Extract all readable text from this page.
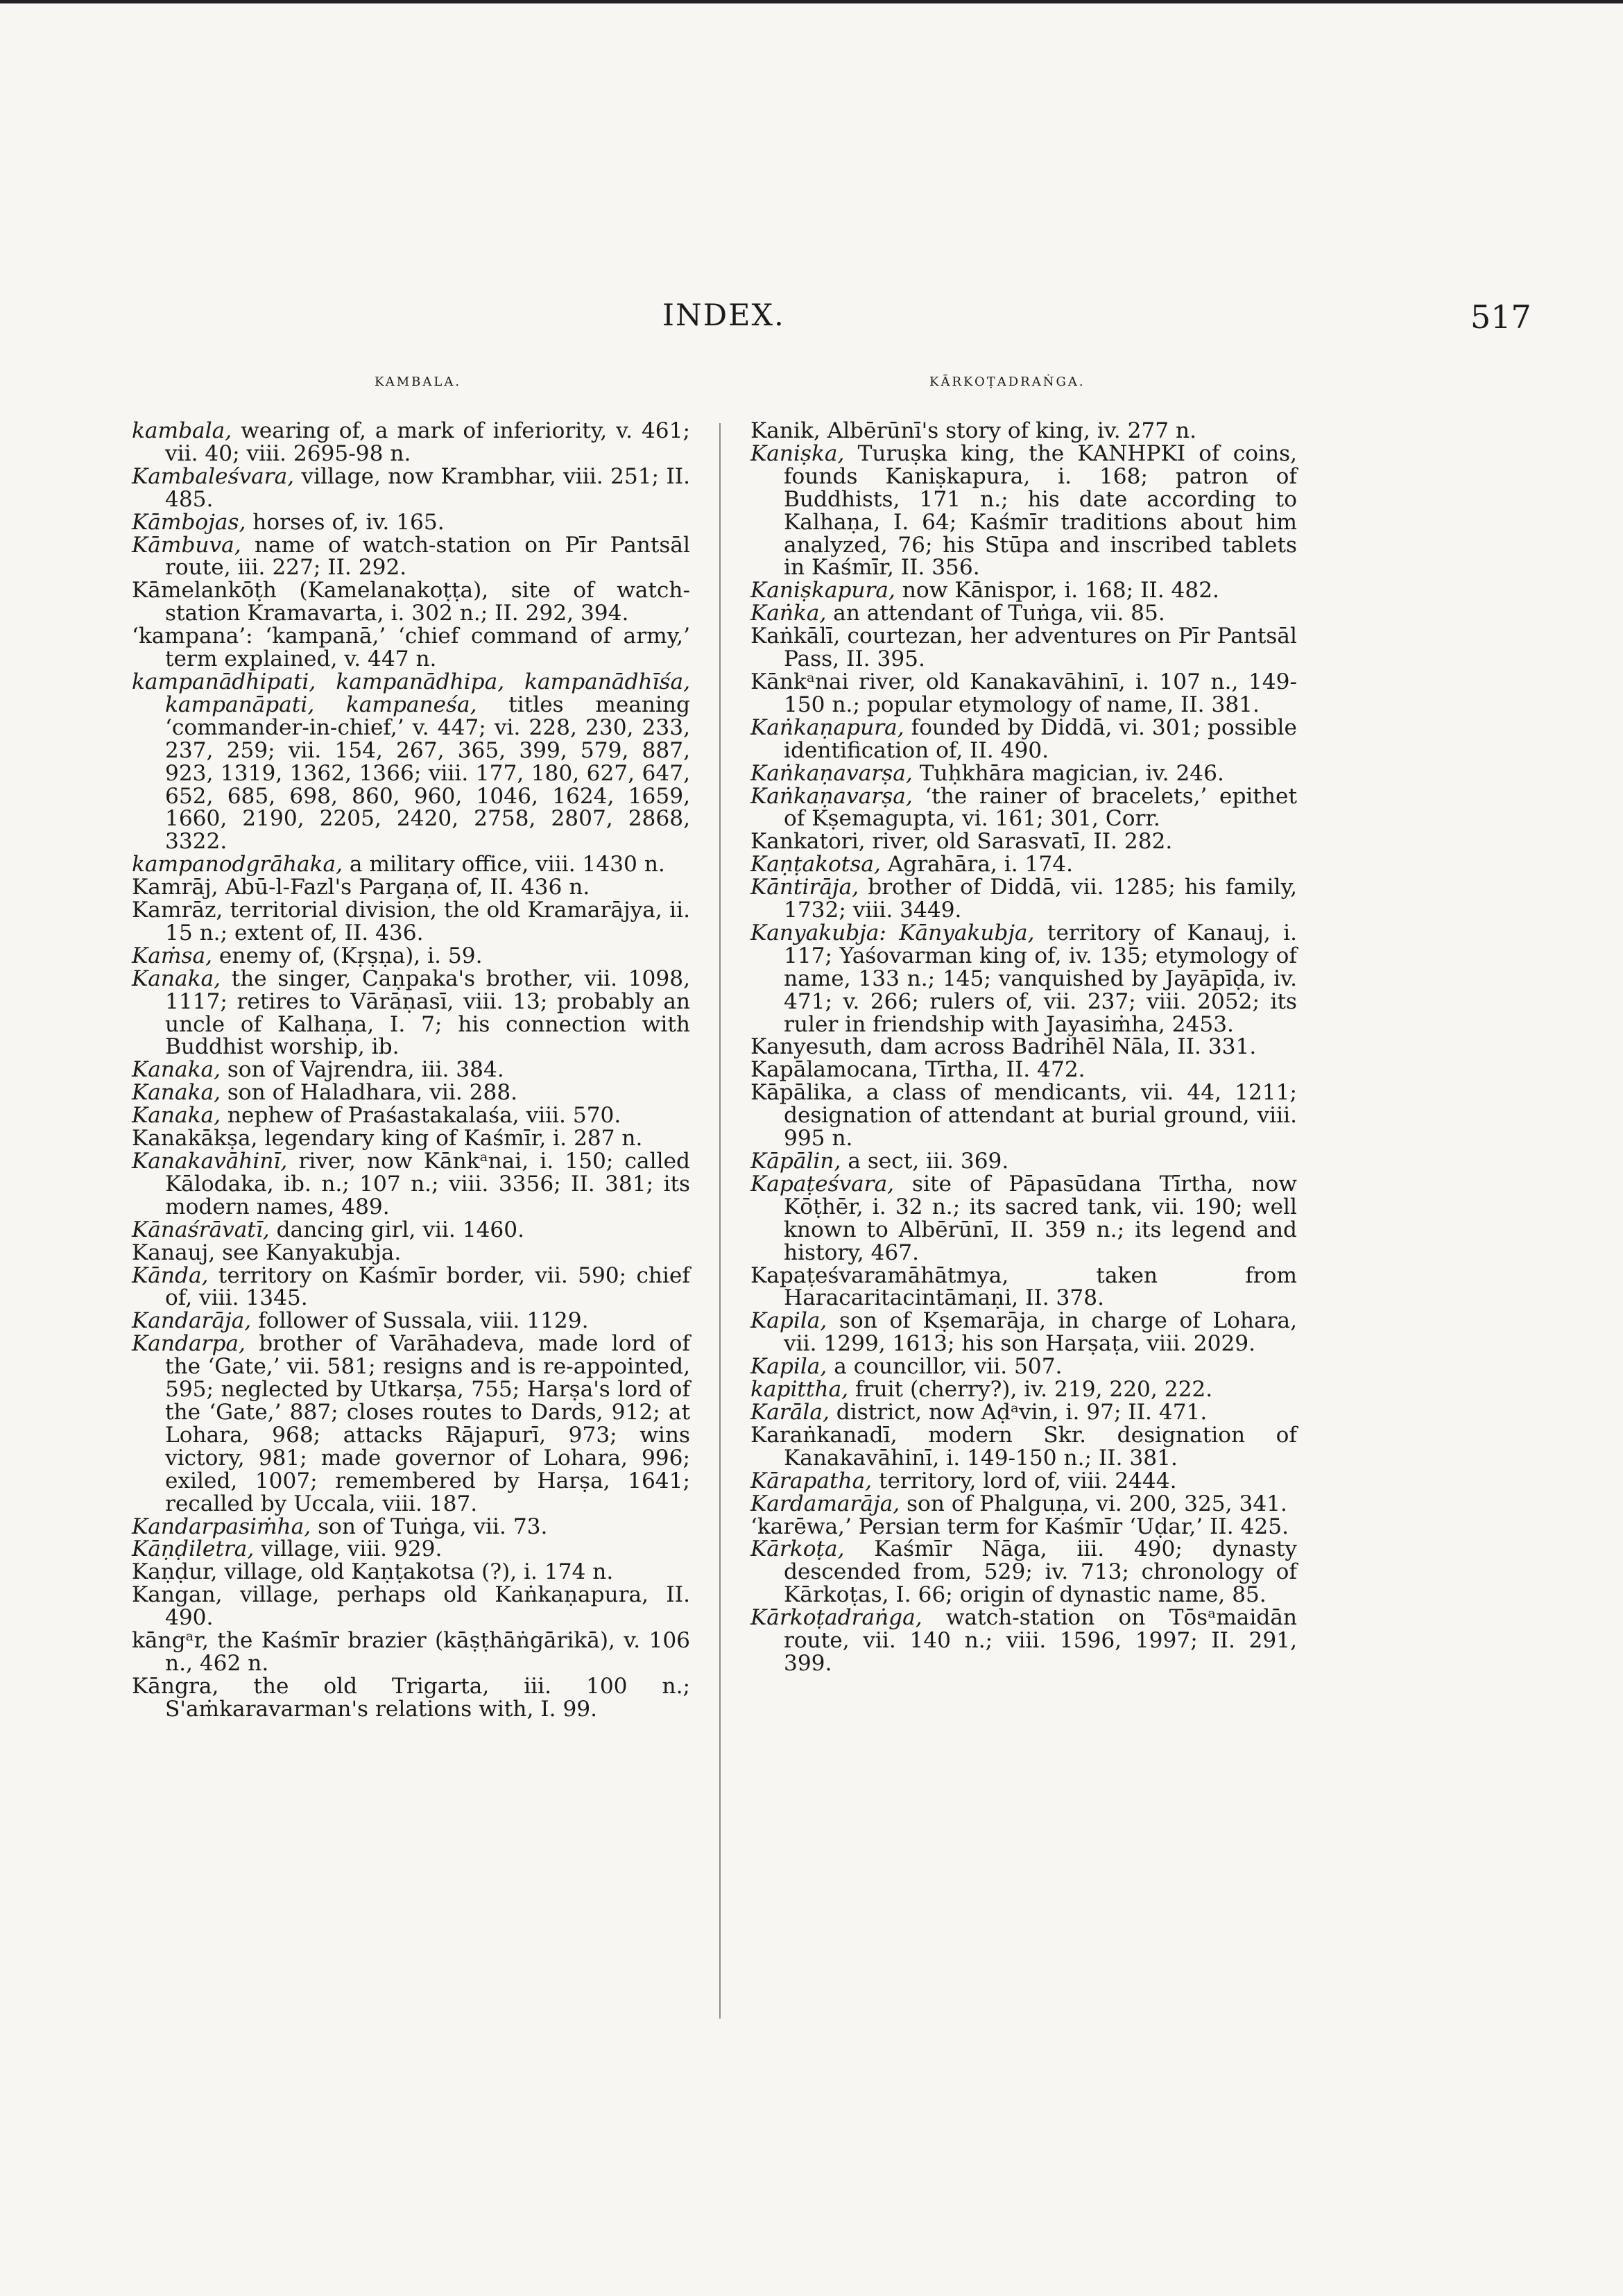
INDEX.	517
KAMBALA.	KĀRKOṬADRAṄGA.

kambala, wearing of, a mark of inferiority, v. 461; vii. 40; viii. 2695-98 n.

Kambaleśvara, village, now Krambhar, viii. 251; II. 485.

Kāmbojas, horses of, iv. 165.

Kāmbuva, name of watch-station on Pīr Pantsāl route, iii. 227; II. 292.

Kāmelankōṭh (Kamelanakoṭṭa), site of watch-station Kramavarta, i. 302 n.; II. 292, 394.

‘kampana’: ‘kampanā,’ ‘chief command of army,’ term explained, v. 447 n.

kampanādhipati, kampanādhipa, kampanādhīśa, kampanāpati, kampaneśa, titles meaning ‘commander-in-chief,’ v. 447; vi. 228, 230, 233, 237, 259; vii. 154, 267, 365, 399, 579, 887, 923, 1319, 1362, 1366; viii. 177, 180, 627, 647, 652, 685, 698, 860, 960, 1046, 1624, 1659, 1660, 2190, 2205, 2420, 2758, 2807, 2868, 3322.

kampanodgrāhaka, a military office, viii. 1430 n.

Kamrāj, Abū-l-Fazl's Pargaṇa of, II. 436 n.

Kamrāz, territorial division, the old Kramarājya, ii. 15 n.; extent of, II. 436.

Kaṁsa, enemy of, (Kṛṣṇa), i. 59.

Kanaka, the singer, Caṇpaka's brother, vii. 1098, 1117; retires to Vārāṇasī, viii. 13; probably an uncle of Kalhaṇa, I. 7; his connection with Buddhist worship, ib.

Kanaka, son of Vajrendra, iii. 384.

Kanaka, son of Haladhara, vii. 288.

Kanaka, nephew of Praśastakalaśa, viii. 570.

Kanakākṣa, legendary king of Kaśmīr, i. 287 n.

Kanakavāhinī, river, now Kānkᵃnai, i. 150; called Kālodaka, ib. n.; 107 n.; viii. 3356; II. 381; its modern names, 489.

Kānaśrāvatī, dancing girl, vii. 1460.

Kanauj, see Kanyakubja.

Kānda, territory on Kaśmīr border, vii. 590; chief of, viii. 1345.

Kandarāja, follower of Sussala, viii. 1129.

Kandarpa, brother of Varāhadeva, made lord of the ‘Gate,’ vii. 581; resigns and is re-appointed, 595; neglected by Utkarṣa, 755; Harṣa's lord of the ‘Gate,’ 887; closes routes to Dards, 912; at Lohara, 968; attacks Rājapurī, 973; wins victory, 981; made governor of Lohara, 996; exiled, 1007; remembered by Harṣa, 1641; recalled by Uccala, viii. 187.

Kandarpasiṁha, son of Tuṅga, vii. 73.

Kāṇḍiletra, village, viii. 929.

Kaṇḍur, village, old Kaṇṭakotsa (?), i. 174 n.

Kangan, village, perhaps old Kaṅkaṇapura, II. 490.

kāngᵃr, the Kaśmīr brazier (kāṣṭhāṅgārikā), v. 106 n., 462 n.

Kāngra, the old Trigarta, iii. 100 n.; S'aṁkaravarman's relations with, I. 99.

Kanik, Albērūnī's story of king, iv. 277 n.

Kaniṣka, Turuṣka king, the KANHPKI of coins, founds Kaniṣkapura, i. 168; patron of Buddhists, 171 n.; his date according to Kalhaṇa, I. 64; Kaśmīr traditions about him analyzed, 76; his Stūpa and inscribed tablets in Kaśmīr, II. 356.

Kaniṣkapura, now Kānispor, i. 168; II. 482.

Kaṅka, an attendant of Tuṅga, vii. 85.

Kaṅkālī, courtezan, her adventures on Pīr Pantsāl Pass, II. 395.

Kānkᵃnai river, old Kanakavāhinī, i. 107 n., 149-150 n.; popular etymology of name, II. 381.

Kaṅkaṇapura, founded by Diddā, vi. 301; possible identification of, II. 490.

Kaṅkaṇavarṣa, Tuḥkhāra magician, iv. 246.

Kaṅkaṇavarṣa, ‘the rainer of bracelets,’ epithet of Kṣemagupta, vi. 161; 301, Corr.

Kankatori, river, old Sarasvatī, II. 282.

Kaṇṭakotsa, Agrahāra, i. 174.

Kāntirāja, brother of Diddā, vii. 1285; his family, 1732; viii. 3449.

Kanyakubja: Kānyakubja, territory of Kanauj, i. 117; Yaśovarman king of, iv. 135; etymology of name, 133 n.; 145; vanquished by Jayāpīḍa, iv. 471; v. 266; rulers of, vii. 237; viii. 2052; its ruler in friendship with Jayasiṁha, 2453.

Kanyesuth, dam across Badrihēl Nāla, II. 331.

Kapālamocana, Tīrtha, II. 472.

Kāpālika, a class of mendicants, vii. 44, 1211; designation of attendant at burial ground, viii. 995 n.

Kāpālin, a sect, iii. 369.

Kapaṭeśvara, site of Pāpasūdana Tīrtha, now Kōṭhēr, i. 32 n.; its sacred tank, vii. 190; well known to Albērūnī, II. 359 n.; its legend and history, 467.

Kapaṭeśvaramāhātmya, taken from Haracaritacintāmaṇi, II. 378.

Kapila, son of Kṣemarāja, in charge of Lohara, vii. 1299, 1613; his son Harṣaṭa, viii. 2029.

Kapila, a councillor, vii. 507.

kapittha, fruit (cherry?), iv. 219, 220, 222.

Karāla, district, now Aḍᵃvin, i. 97; II. 471.

Karaṅkanadī, modern Skr. designation of Kanakavāhinī, i. 149-150 n.; II. 381.

Kārapatha, territory, lord of, viii. 2444.

Kardamarāja, son of Phalguṇa, vi. 200, 325, 341.

‘karēwa,’ Persian term for Kaśmīr ‘Uḍar,’ II. 425.

Kārkoṭa, Kaśmīr Nāga, iii. 490; dynasty descended from, 529; iv. 713; chronology of Kārkoṭas, I. 66; origin of dynastic name, 85.

Kārkoṭadraṅga, watch-station on Tōsᵃmaidān route, vii. 140 n.; viii. 1596, 1997; II. 291, 399.
